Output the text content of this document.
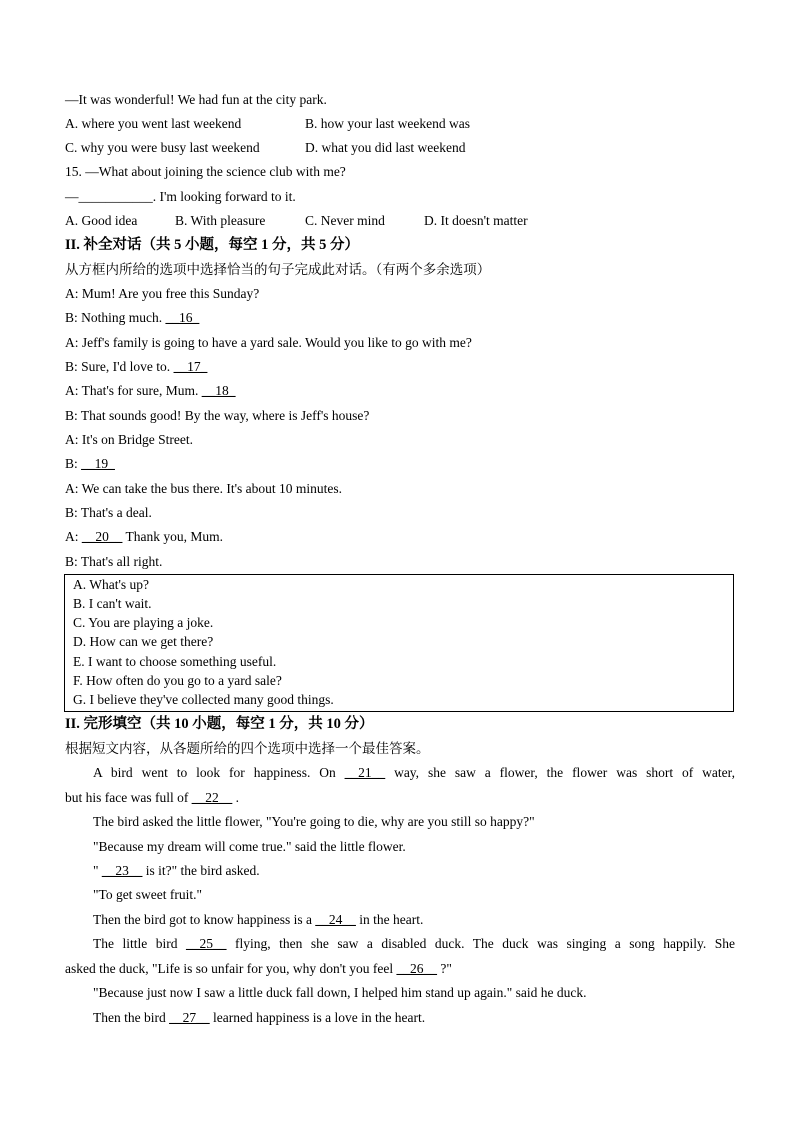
—It was wonderful! We had fun at the city park.
A. where you went last weekend	B. how your last weekend was
C. why you were busy last weekend	D. what you did last weekend
15. —What about joining the science club with me?
—___________. I'm looking forward to it.
A. Good idea	B. With pleasure	C. Never mind	D. It doesn't matter
II. 补全对话（共 5 小题，每空 1 分，共 5 分）
从方框内所给的选项中选择恰当的句子完成此对话。（有两个多余选项）
A: Mum! Are you free this Sunday?
B: Nothing much. __16_
A: Jeff's family is going to have a yard sale. Would you like to go with me?
B: Sure, I'd love to. __17_
A: That's for sure, Mum. __18_
B: That sounds good! By the way, where is Jeff's house?
A: It's on Bridge Street.
B: __19_
A: We can take the bus there. It's about 10 minutes.
B: That's a deal.
A: __20__ Thank you, Mum.
B: That's all right.
A. What's up?
B. I can't wait.
C. You are playing a joke.
D. How can we get there?
E. I want to choose something useful.
F. How often do you go to a yard sale?
G. I believe they've collected many good things.
II. 完形填空（共 10 小题，每空 1 分，共 10 分）
根据短文内容，从各题所给的四个选项中选择一个最佳答案。
A bird went to look for happiness. On __21__ way, she saw a flower, the flower was short of water,
but his face was full of __22__ .
The bird asked the little flower, "You're going to die, why are you still so happy?"
"Because my dream will come true." said the little flower.
" __23__ is it?" the bird asked.
"To get sweet fruit."
Then the bird got to know happiness is a __24__ in the heart.
The little bird __25__ flying, then she saw a disabled duck. The duck was singing a song happily. She
asked the duck, "Life is so unfair for you, why don't you feel __26__ ?"
"Because just now I saw a little duck fall down, I helped him stand up again." said he duck.
Then the bird __27__ learned happiness is a love in the heart.
